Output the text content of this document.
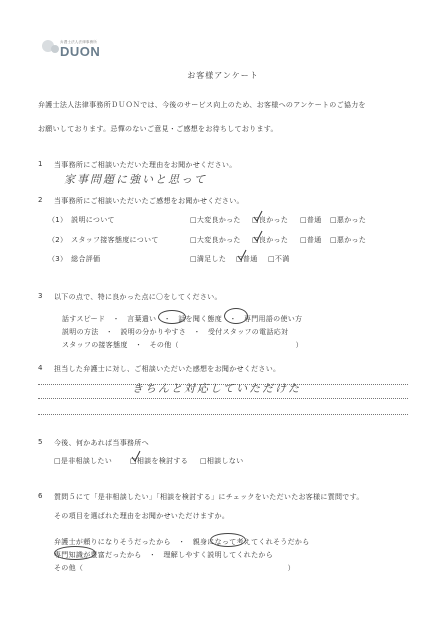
弁護士法人法律事務所
DUON
お客様アンケート
弁護士法人法律事務所ＤＵＯＮでは、今後のサービス向上のため、お客様へのアンケートのご協力を
お願いしております。忌憚のないご意見・ご感想をお待ちしております。
1 当事務所にご相談いただいた理由をお聞かせください。
家事問題に強いと思って
2 当事務所にご相談いただいたご感想をお聞かせください。
（1）　説明について	□大変良かった □良かった □普通 □悪かった
（2）　スタッフ接客態度について	□大変良かった □良かった □普通 □悪かった
（3）　総合評価	□満足した □普通 □不満
3 以下の点で、特に良かった点に〇をしてください。
話すスピード　・　言葉遣い　・　話を聞く態度　・　専門用語の使い方
説明の方法　・　説明の分かりやすさ　・　受付スタッフの電話応対
スタッフの接客態度　・　その他（　　　　　　　　　　　　　　　　）
4 担当した弁護士に対し、ご相談いただいた感想をお聞かせください。
きちんと対応していただけた
5 今後、何かあれば当事務所へ
□是非相談したい	□相談を検討する □相談しない
6 質問５にて「是非相談したい」「相談を検討する」にチェックをいただいたお客様に質問です。
その項目を選ばれた理由をお聞かせいただけますか。
弁護士が頼りになりそうだったから　・　親身になって考えてくれそうだから
専門知識が豊富だったから　・　理解しやすく説明してくれたから
その他（　　　　　　　　　　　　　　　　　　　　　　　　　　　　）
